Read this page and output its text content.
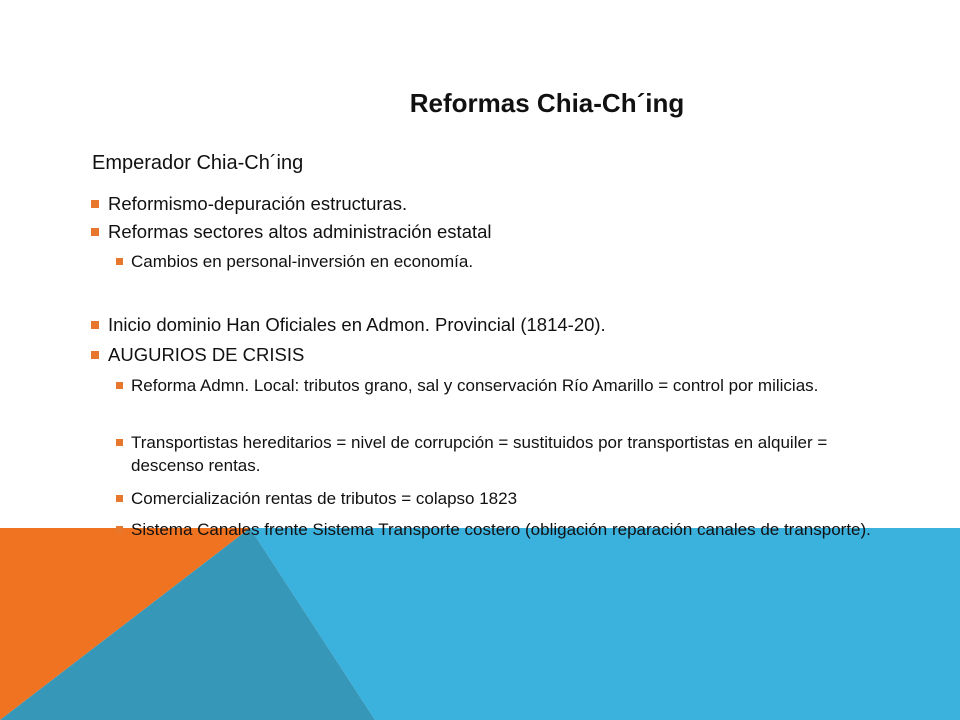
Reformas Chia-Ch´ing
Emperador Chia-Ch´ing
Reformismo-depuración estructuras.
Reformas sectores altos administración estatal
Cambios en personal-inversión en economía.
Inicio dominio Han Oficiales en Admon. Provincial (1814-20).
AUGURIOS DE CRISIS
Reforma Admn. Local: tributos grano, sal y conservación Río Amarillo = control por milicias.
Transportistas hereditarios = nivel de corrupción = sustituidos por transportistas en alquiler = descenso rentas.
Comercialización rentas de tributos = colapso 1823
Sistema Canales frente Sistema Transporte costero (obligación reparación canales de transporte).
